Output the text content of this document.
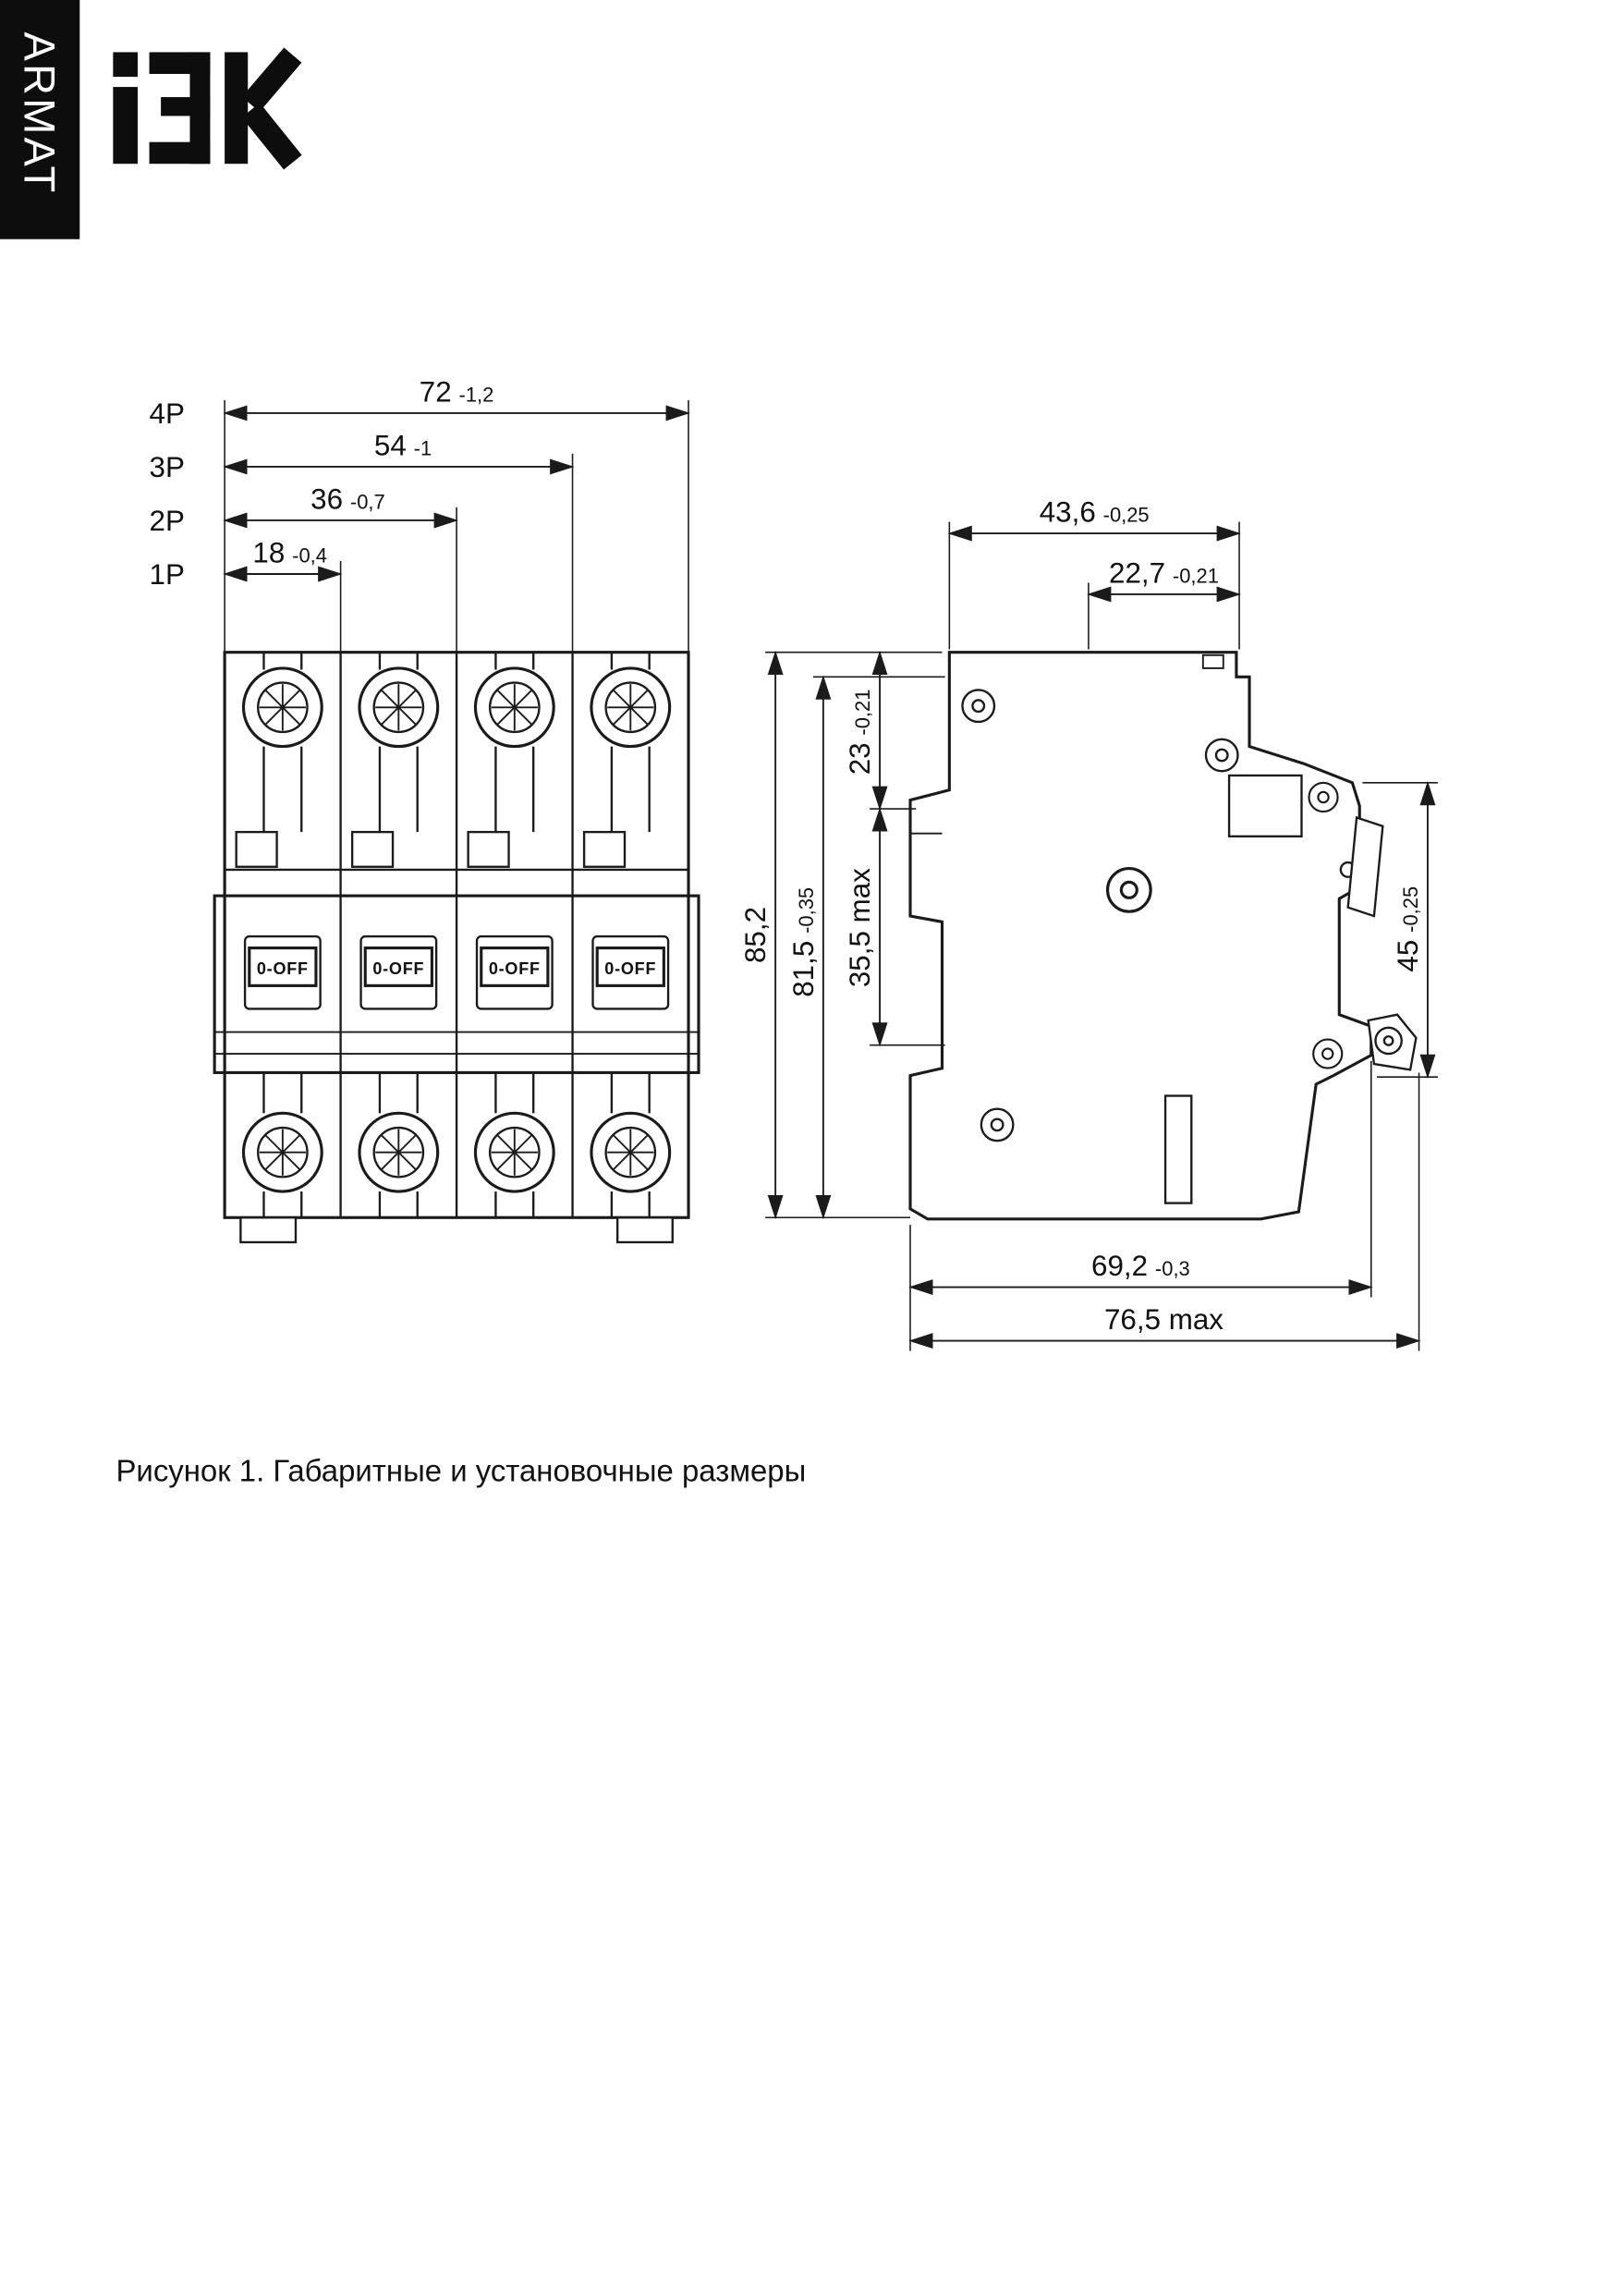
ARMAT
0-OFF	0-OFF	0-OFF	0-OFF
4P
72 -1,2
3P
54 -1
2P
36 -0,7
1P
18 -0,4
43,6 -0,25
22,7 -0,21
85,2
81,5-0,35
23-0,21
35,5 max	45-0,25
69,2 -0,3
76,5 max
Рисунок 1. Габаритные и установочные размеры
